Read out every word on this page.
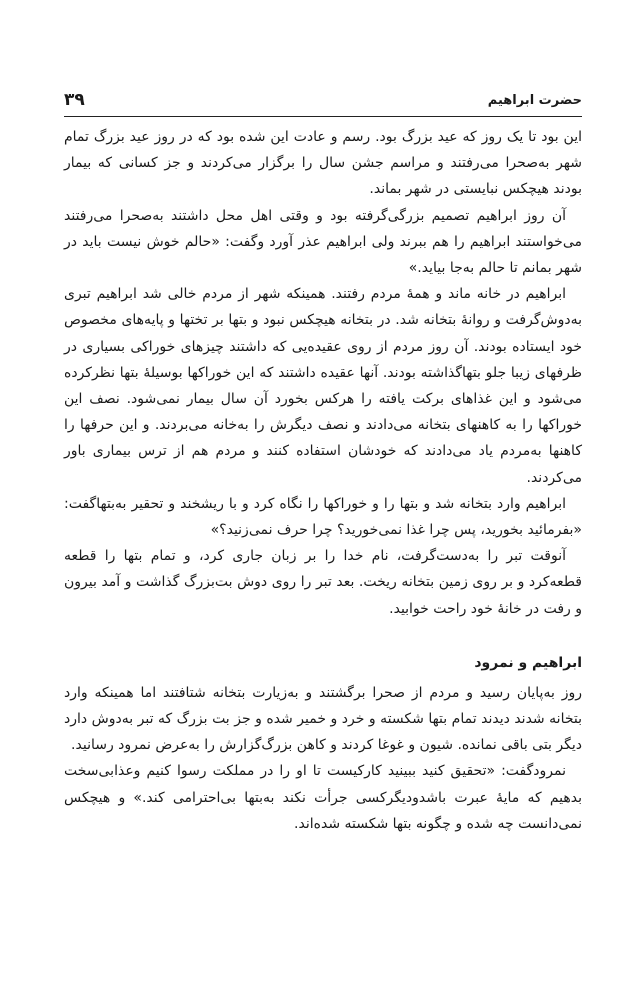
۳۹	حضرت ابراهیم

این بود تا یک روز که عید بزرگ بود. رسم و عادت این شده بود که در روز عید بزرگ تمام شهر به‌صحرا می‌رفتند و مراسم جشن سال را برگزار می‌کردند و جز کسانی که بیمار بودند هیچکس نبایستی در شهر بماند.

آن روز ابراهیم تصمیم بزرگی‌گرفته بود و وقتی اهل محل داشتند به‌صحرا می‌رفتند می‌خواستند ابراهیم را هم ببرند ولی ابراهیم عذر آورد وگفت: «حالم خوش نیست باید در شهر بمانم تا حالم به‌جا بیاید.»

ابراهیم در خانه ماند و همهٔ مردم رفتند. همینکه شهر از مردم خالی شد ابراهیم تبری به‌دوش‌گرفت و روانهٔ بتخانه شد. در بتخانه هیچکس نبود و بتها بر تختها و پایه‌های مخصوص خود ایستاده بودند. آن روز مردم از روی عقیده‌یی که داشتند چیزهای خوراکی بسیاری در ظرفهای زیبا جلو بتهاگذاشته بودند. آنها عقیده داشتند که این خوراکها بوسیلهٔ بتها نظرکرده می‌شود و این غذاهای برکت یافته را هرکس بخورد آن سال بیمار نمی‌شود. نصف این خوراکها را به کاهنهای بتخانه می‌دادند و نصف دیگرش را به‌خانه می‌بردند. و این حرفها را کاهنها به‌مردم یاد می‌دادند که خودشان استفاده کنند و مردم هم از ترس بیماری باور می‌کردند.

ابراهیم وارد بتخانه شد و بتها را و خوراکها را نگاه کرد و با ریشخند و تحقیر به‌بتهاگفت: «بفرمائید بخورید، پس چرا غذا نمی‌خورید؟ چرا حرف نمی‌زنید؟»

آنوقت تبر را به‌دست‌گرفت، نام خدا را بر زبان جاری کرد، و تمام بتها را قطعه قطعه‌کرد و بر روی زمین بتخانه ریخت. بعد تبر را روی دوش بت‌بزرگ گذاشت و آمد بیرون و رفت در خانهٔ خود راحت خوابید.

ابراهیم و نمرود

روز به‌پایان رسید و مردم از صحرا برگشتند و به‌زیارت بتخانه شتافتند اما همینکه وارد بتخانه شدند دیدند تمام بتها شکسته و خرد و خمیر شده و جز بت بزرگ که تبر به‌دوش دارد دیگر بتی باقی نمانده. شیون و غوغا کردند و کاهن بزرگ‌گزارش را به‌عرض نمرود رسانید.

نمرودگفت: «تحقیق کنید ببینید کارکیست تا او را در مملکت رسوا کنیم وعذابی‌سخت بدهیم که مایهٔ عبرت باشدودیگرکسی جرأت نکند به‌بتها بی‌احترامی کند.» و هیچکس نمی‌دانست چه شده و چگونه بتها شکسته شده‌اند.
